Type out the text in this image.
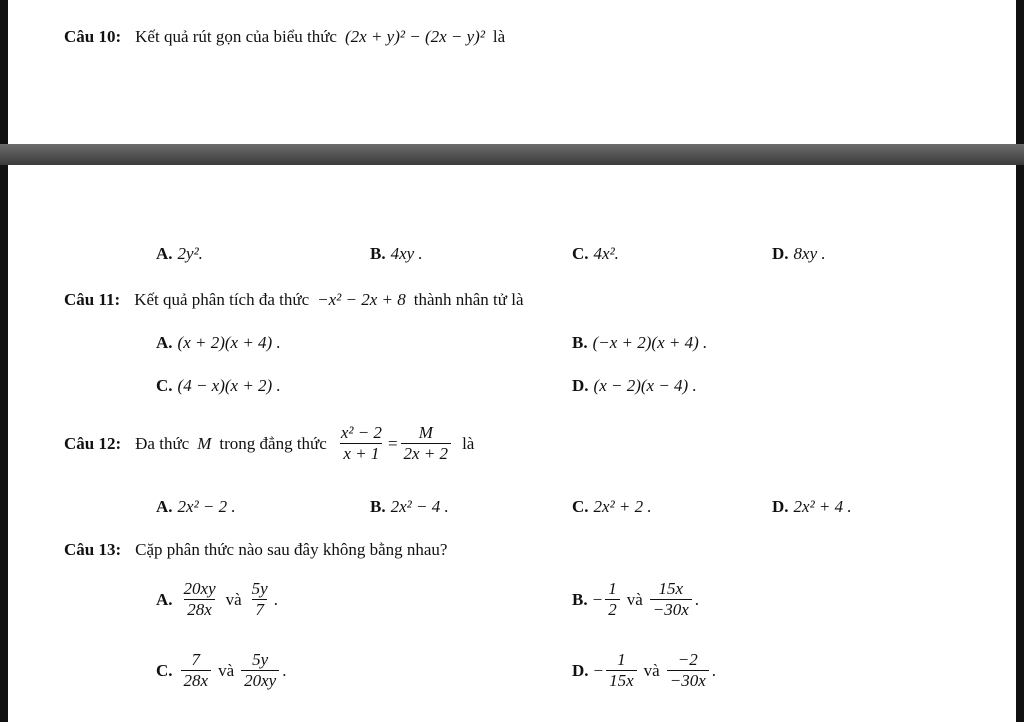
Câu 10: Kết quả rút gọn của biểu thức (2x + y)² − (2x − y)² là
A. 2y².	B. 4xy .	C. 4x².	D. 8xy .
Câu 11: Kết quả phân tích đa thức −x² − 2x + 8 thành nhân tử là
A. (x + 2)(x + 4) .	B. (−x + 2)(x + 4) .
C. (4 − x)(x + 2) .	D. (x − 2)(x − 4) .
Câu 12: Đa thức M trong đẳng thức $\frac{\text{x² − 2}}{x + 1} = \frac{M}{2x + 2}$ là
A. 2x² − 2 .	B. 2x² − 4 .	C. 2x² + 2 .	D. 2x² + 4 .
Câu 13: Cặp phân thức nào sau đây không bằng nhau?
A. $\frac{20xy}{28x}$ và $\frac{5y}{7}$ .	B. − $\frac{1}{2}$ và $\frac{15x}{-30x}$ .
C. $\frac{7}{28x}$ và $\frac{5y}{20xy}$ .	D. − $\frac{1}{15x}$ và $\frac{-2}{-30x}$ .
